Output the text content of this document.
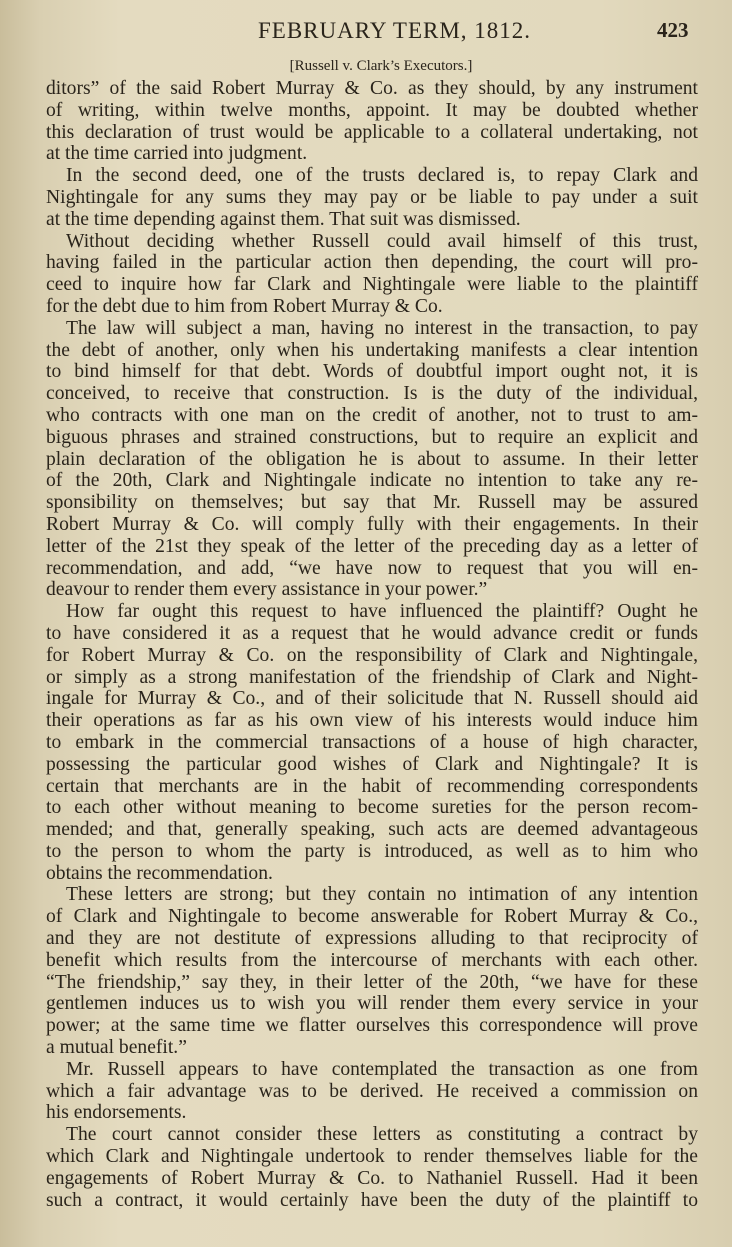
FEBRUARY TERM, 1812.	423
[Russell v. Clark’s Executors.]
ditors” of the said Robert Murray & Co. as they should, by any instrument
of writing, within twelve months, appoint. It may be doubted whether
this declaration of trust would be applicable to a collateral undertaking, not
at the time carried into judgment.
In the second deed, one of the trusts declared is, to repay Clark and
Nightingale for any sums they may pay or be liable to pay under a suit
at the time depending against them. That suit was dismissed.
Without deciding whether Russell could avail himself of this trust,
having failed in the particular action then depending, the court will pro-
ceed to inquire how far Clark and Nightingale were liable to the plaintiff
for the debt due to him from Robert Murray & Co.
The law will subject a man, having no interest in the transaction, to pay
the debt of another, only when his undertaking manifests a clear intention
to bind himself for that debt. Words of doubtful import ought not, it is
conceived, to receive that construction. Is is the duty of the individual,
who contracts with one man on the credit of another, not to trust to am-
biguous phrases and strained constructions, but to require an explicit and
plain declaration of the obligation he is about to assume. In their letter
of the 20th, Clark and Nightingale indicate no intention to take any re-
sponsibility on themselves; but say that Mr. Russell may be assured
Robert Murray & Co. will comply fully with their engagements. In their
letter of the 21st they speak of the letter of the preceding day as a letter of
recommendation, and add, “we have now to request that you will en-
deavour to render them every assistance in your power.”
How far ought this request to have influenced the plaintiff? Ought he
to have considered it as a request that he would advance credit or funds
for Robert Murray & Co. on the responsibility of Clark and Nightingale,
or simply as a strong manifestation of the friendship of Clark and Night-
ingale for Murray & Co., and of their solicitude that N. Russell should aid
their operations as far as his own view of his interests would induce him
to embark in the commercial transactions of a house of high character,
possessing the particular good wishes of Clark and Nightingale? It is
certain that merchants are in the habit of recommending correspondents
to each other without meaning to become sureties for the person recom-
mended; and that, generally speaking, such acts are deemed advantageous
to the person to whom the party is introduced, as well as to him who
obtains the recommendation.
These letters are strong; but they contain no intimation of any intention
of Clark and Nightingale to become answerable for Robert Murray & Co.,
and they are not destitute of expressions alluding to that reciprocity of
benefit which results from the intercourse of merchants with each other.
“The friendship,” say they, in their letter of the 20th, “we have for these
gentlemen induces us to wish you will render them every service in your
power; at the same time we flatter ourselves this correspondence will prove
a mutual benefit.”
Mr. Russell appears to have contemplated the transaction as one from
which a fair advantage was to be derived. He received a commission on
his endorsements.
The court cannot consider these letters as constituting a contract by
which Clark and Nightingale undertook to render themselves liable for the
engagements of Robert Murray & Co. to Nathaniel Russell. Had it been
such a contract, it would certainly have been the duty of the plaintiff to
